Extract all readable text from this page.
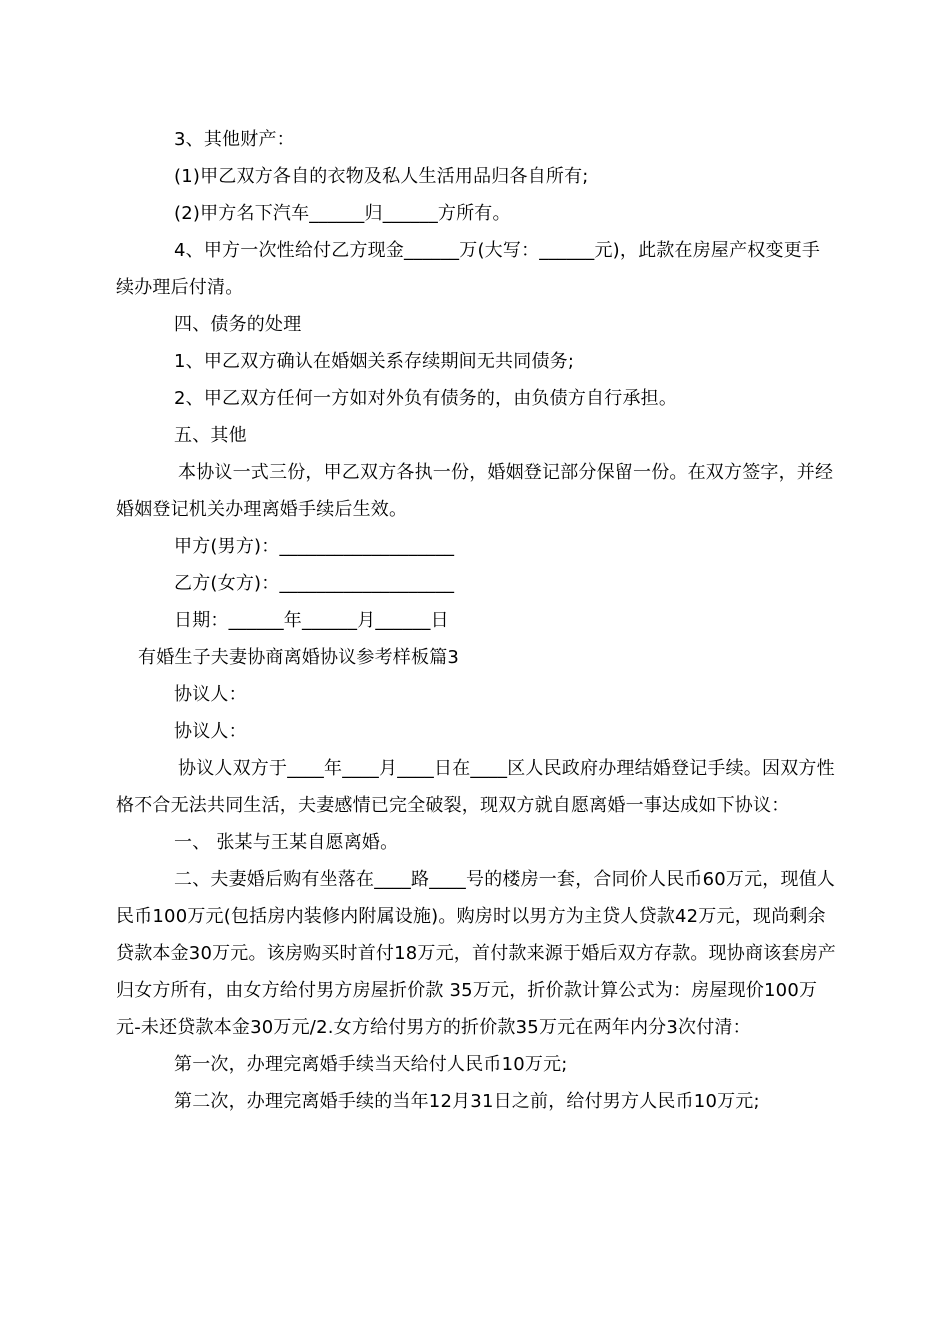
3、其他财产：

(1)甲乙双方各自的衣物及私人生活用品归各自所有;

(2)甲方名下汽车______归______方所有。

4、甲方一次性给付乙方现金______万(大写：______元)，此款在房屋产权变更手续办理后付清。

四、债务的处理

1、甲乙双方确认在婚姻关系存续期间无共同债务;

2、甲乙双方任何一方如对外负有债务的，由负债方自行承担。

五、其他

本协议一式三份，甲乙双方各执一份，婚姻登记部分保留一份。在双方签字，并经婚姻登记机关办理离婚手续后生效。

甲方(男方)：___________________

乙方(女方)：___________________

日期：______年______月______日

有婚生子夫妻协商离婚协议参考样板篇3

协议人：

协议人：

协议人双方于____年____月____日在____区人民政府办理结婚登记手续。因双方性格不合无法共同生活，夫妻感情已完全破裂，现双方就自愿离婚一事达成如下协议：

一、 张某与王某自愿离婚。

二、夫妻婚后购有坐落在____路____号的楼房一套，合同价人民币60万元，现值人民币100万元(包括房内装修内附属设施)。购房时以男方为主贷人贷款42万元，现尚剩余贷款本金30万元。该房购买时首付18万元，首付款来源于婚后双方存款。现协商该套房产归女方所有，由女方给付男方房屋折价款 35万元，折价款计算公式为：房屋现价100万元-未还贷款本金30万元/2.女方给付男方的折价款35万元在两年内分3次付清：

第一次，办理完离婚手续当天给付人民币10万元;

第二次，办理完离婚手续的当年12月31日之前，给付男方人民币10万元;
